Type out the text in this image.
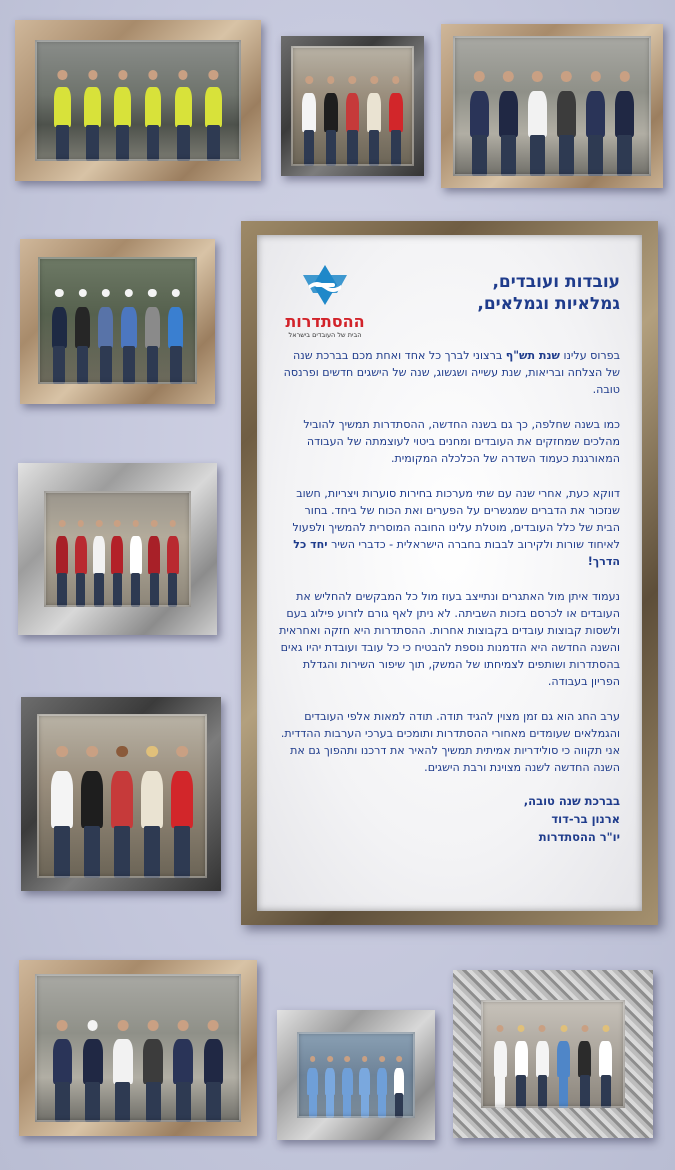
ההסתדרות
הבית של העובדים בישראל
עובדות ועובדים,
גמלאיות וגמלאים,
בפרוס עלינו שנת תש"ף ברצוני לברך כל אחד ואחת מכם בברכת שנה של הצלחה ובריאות, שנת עשייה ושגשוג, שנה של הישגים חדשים ופרנסה טובה.
כמו בשנה שחלפה, כך גם בשנה החדשה, ההסתדרות תמשיך להוביל מהלכים שמחזקים את העובדים ומחנים ביטוי לעוצמתה של העבודה המאורגנת כעמוד השדרה של הכלכלה המקומית.
דווקא כעת, אחרי שנה עם שתי מערכות בחירות סוערות ויצריות, חשוב שנזכור את הדברים שמגשרים על הפערים ואת הכוח של ביחד. בחור הבית של כלל העובדים, מוטלת עלינו החובה המוסרית להמשיך ולפעול לאיחוד שורות ולקירוב לבבות בחברה הישראלית - כדברי השיר יחד כל הדרך!
נעמוד איתן מול האתגרים ונתייצב בעוז מול כל המבקשים להחליש את העובדים או לכרסם בזכות השביתה. לא ניתן לאף גורם לזרוע פילוג בעם ולשסות קבוצות עובדים בקבוצות אחרות. ההסתדרות היא חזקה ואחראית והשנה החדשה היא הזדמנות נוספת להבטיח כי כל עובד ועובדת יהיו גאים בהסתדרות ושותפים לצמיחתו של המשק, תוך שיפור השירות והגדלת הפריון בעבודה.
ערב החג הוא גם זמן מצוין להגיד תודה. תודה למאות אלפי העובדים והגמלאים שעומדים מאחורי ההסתדרות ותומכים בערכי הערבות ההדדית. אני תקווה כי סולידריות אמיתית תמשיך להאיר את דרכנו ותהפוך גם את השנה החדשה לשנה מצוינת ורבת הישגים.
בברכת שנה טובה,
ארנון בר-דוד
יו"ר ההסתדרות
